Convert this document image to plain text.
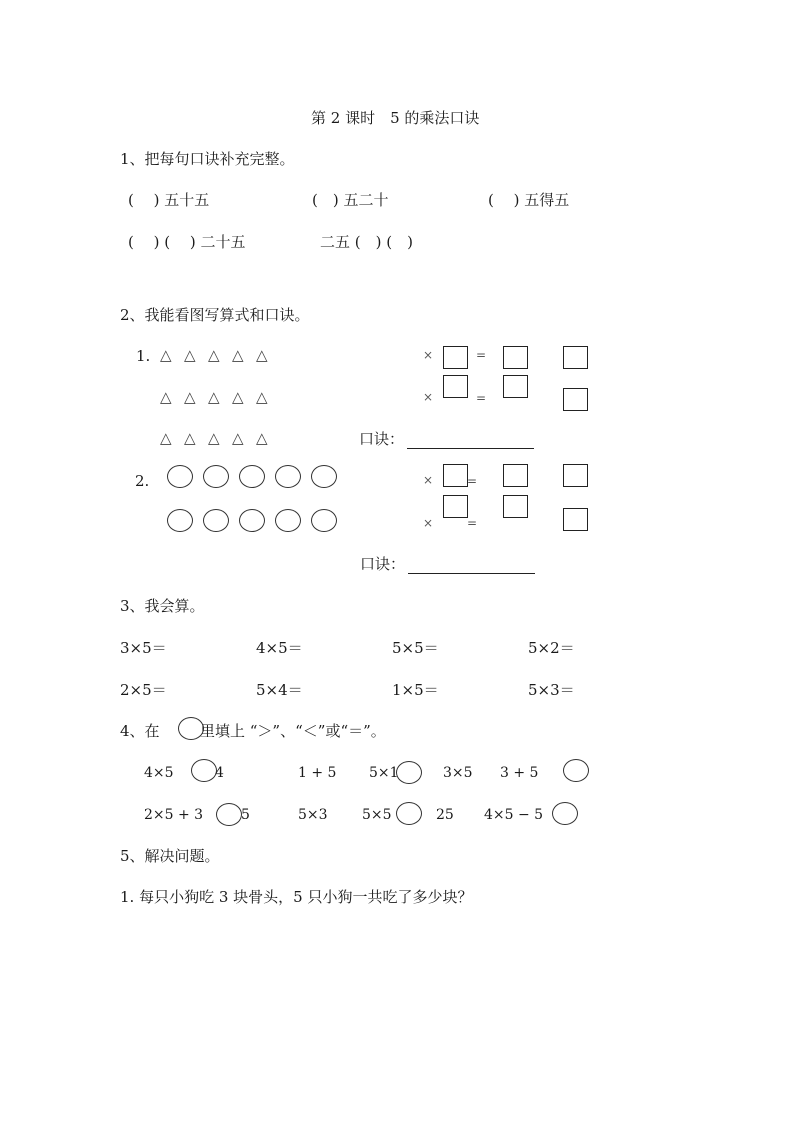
第 2 课时　5 的乘法口诀
1、把每句口诀补充完整。
(　 ) 五十五	(　) 五二十	(　 ) 五得五
(　 ) (　 ) 二十五	二五 (　) (　)
2、我能看图写算式和口诀。
1. △ △ △ △ △
△ △ △ △ △
△ △ △ △ △
×	=
×	=
口诀：
2.	×	=
×	=
口诀：
3、我会算。
3×5＝	4×5＝	5×5＝	5×2＝
2×5＝	5×4＝	1×5＝	5×3＝
4、在	里填上 “＞”、“＜”或“＝”。
4×5	4	1 + 5 5×1	3×5 3 + 5
2×5 + 3	5	5×3 5×5	25 4×5 − 5
5、解决问题。
1. 每只小狗吃 3 块骨头，5 只小狗一共吃了多少块？
